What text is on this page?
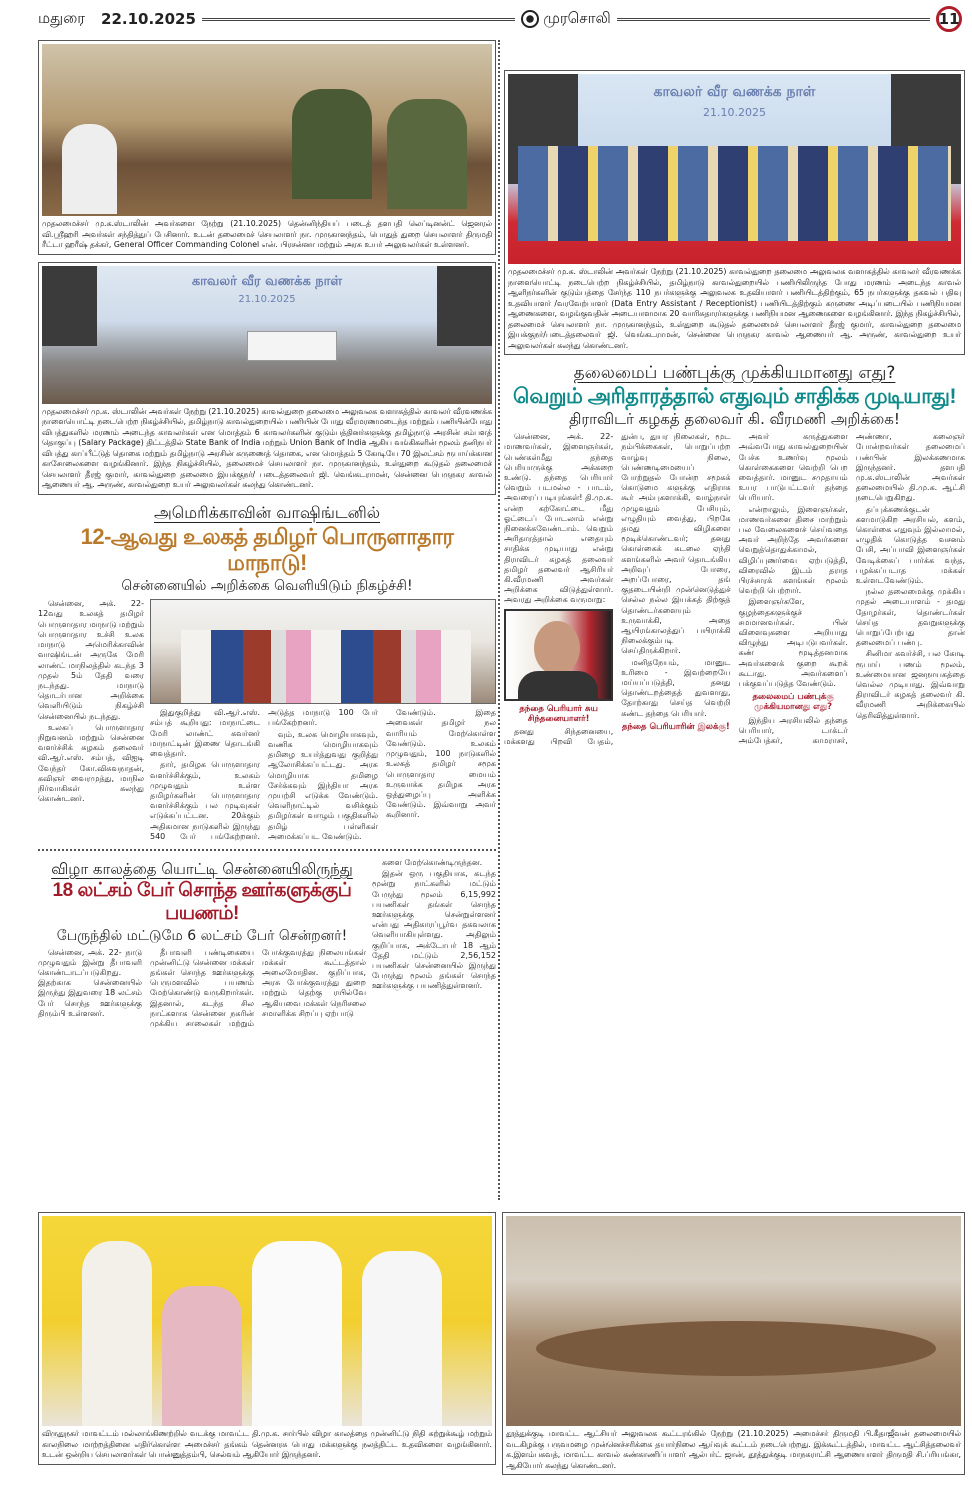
மதுரை 22.10.2025	முரசொலி	11
முதலமைச்சர் மு.க.ஸ்டாலின் அவர்களை நேற்று (21.10.2025) தென்னிந்தியப் படைத் தளபதி லெப்டினன்ட் ஜெனரல் வி.ஸ்ரீஹரி அவர்கள் சந்தித்துப் பேசினார். உடன் தலைமைச் செயலாளர் நா. முருகானந்தம், பொதுத் துறை செயலாளர் திருமதி ரீட்டா ஹரீஷ் தக்கர், General Officer Commanding Colonel என். பிரசன்னா மற்றும் அரசு உயர் அலுவலர்கள் உள்ளனர்.
காவலர் வீர வணக்க நாள்
21.10.2025
முதலமைச்சர் மு.க. ஸ்டாலின் அவர்கள் நேற்று (21.10.2025) காவல்துறை தலைமை அலுவலக வளாகத்தில் காவலர் வீரவணக்க நாளையொட்டி நடைபெற்ற நிகழ்ச்சியில், தமிழ்நாடு காவல்துறையில் பணியின் போது வீரமரணமடைந்த மற்றும் பணியின்போது விபத்துகளில் மரணம் அடைந்த காவலர்கள் என மொத்தம் 6 காவலர்களின் குடும்பத்தினர்களுக்கு தமிழ்நாடு அரசின் சம்பளத் தொகுப்பு (Salary Package) திட்டத்தில் State Bank of India மற்றும் Union Bank of India ஆகிய வங்கிகளின் மூலம் தனிநபர் விபத்து காப்பீட்டுத் தொகை மற்றும் தமிழ்நாடு அரசின் கருணைத் தொகை, என மொத்தம் 5 கோடியே 70 இலட்சம் ரூபாய்க்கான காசோலைகளை வழங்கினார். இந்த நிகழ்ச்சியில், தலைமைச் செயலாளர் நா. முருகானந்தம், உள்துறை கூடுதல் தலைமைச் செயலாளர் தீரஜ் குமார், காவல்துறை தலைமை இயக்குநர்/ படைத்தலைவர் ஜி. வெங்கடராமன், சென்னை பெருநகர காவல் ஆணையர் ஆ. அருண், காவல்துறை உயர் அலுவலர்கள் கலந்து கொண்டனர்.
அமெரிக்காவின் வாஷிங்டனில்
12-ஆவது உலகத் தமிழர் பொருளாதார மாநாடு!
சென்னையில் அறிக்கை வெளியிடும் நிகழ்ச்சி!

சென்னை, அக். 22- 12வது உலகத் தமிழர் பொருளாதார மாநாடு மற்றும் பொருளாதார உச்சி உலக மாநாடு அமெரிக்காவின் வாஷிங்டன் அருகே மேரி லாண்ட் மாநிலத்தில் கடந்த 3 முதல் 5ம் தேதி வரை நடந்தது. மாநாடு தொடர்பான அறிக்கை வெளியிடும் நிகழ்ச்சி சென்னையில் நடந்தது.

உலகப் பொருளாதார நிறுவனம் மற்றும் சென்னை வளர்ச்சிக் கழகம் தலைவர் வி.ஆர்.எஸ். சம்பத், விஐடி வேந்தர் கோ.விசுவநாதன், கவிஞர் வைரமுத்து, மாநில நிர்வாகிகள் கலந்து கொண்டனர்.

இதுகுறித்து வி.ஆர்.எஸ். சம்பத் கூறியது: மாநாட்டை மேரி லாண்ட் கவர்னர் மாநாட்டின் இணை தொடங்கி வைத்தார்.

தார், தமிழக பொருளாதார வளர்ச்சிக்கும், உலகம் முழுவதும் உள்ள தமிழர்களின் பொருளாதார வளர்ச்சிக்கும் பல முடிவுகள் எடுக்கப்பட்டன. 20க்கும் அதிகமான நாடுகளில் இருந்து 540 பேர் பங்கேற்றனர். அடுத்த மாநாடு 100 பேர் பங்கேற்றனர்.

வும், உலக மொழியாகவும், வணிக மொழியாகவும் தமிழை உயர்த்துவது குறித்து ஆலோசிக்கப்பட்டது. அரசு மொழியாக தமிழை சேர்க்கவும் இந்தியா அரசு முயற்சி எடுக்க வேண்டும். வெளிநாட்டில் வசிக்கும் தமிழர்கள் வாழும் பகுதிகளில் தமிழ் பள்ளிகள் அமைக்கப்பட வேண்டும்.

வேண்டும். இதை அவைகள் தமிழர் நல வாரியம் மேற்கொள்ள வேண்டும். உலகம் முழுவதும், 100 நாடுகளில் உலகத் தமிழர் சமூக பொருளாதார மையம் உருவாக்க தமிழக அரசு ஒத்துழைப்பு அளிக்க வேண்டும். இவ்வாறு அவர் கூறினார்.

விழா காலத்தை யொட்டி சென்னையிலிருந்து
18 லட்சம் பேர் சொந்த ஊர்களுக்குப் பயணம்!
பேருந்தில் மட்டுமே 6 லட்சம் பேர் சென்றனர்!

சென்னை, அக். 22- நாடு முழுவதும் இன்று தீபாவளி கொண்டாடப்படுகிறது. இதற்காக சென்னையில் இருந்து இதுவரை 18 லட்சம் பேர் சொந்த ஊர்களுக்கு திரும்பி உள்ளனர்.

தீபாவளி பண்டிகையை முன்னிட்டு சென்னை மக்கள் தங்கள் சொந்த ஊர்களுக்கு பெருமளவில் பயணம் மேற்கொண்டு வருகிறார்கள். இதனால், கடந்த சில நாட்களாக சென்னை நகரின் முக்கிய சாலைகள் மற்றும் போக்குவரத்து நிலையங்கள் மக்கள் கூட்டத்தால் அலைமோதின. குறிப்பாக, அரசு போக்குவரத்து துறை மற்றும் தெற்கு ரயில்வே ஆகியவை மக்கள் நெரிசலை சமாளிக்க சிறப்பு ஏற்பாடு

களை மேற்கொண்டிருந்தன.

இதன் ஒரு பகுதியாக, கடந்த மூன்று நாட்களில் மட்டும் பேருந்து மூலம் 6,15,992 பயணிகள் தங்கள் சொந்த ஊர்களுக்கு சென்றுள்ளனர் என்பது அதிகாரப்பூர்வ தகவலாக வெளியாகியுள்ளது. அதிலும் குறிப்பாக, அக்டோபர் 18 ஆம் தேதி மட்டும் 2,56,152 பயணிகள் சென்னையில் இருந்து பேருந்து மூலம் தங்கள் சொந்த ஊர்களுக்கு பயணித்துள்ளனர்.

காவலர் வீர வணக்க நாள்
21.10.2025
முதலமைச்சர் மு.க. ஸ்டாலின் அவர்கள் நேற்று (21.10.2025) காவல்துறை தலைமை அலுவலக வளாகத்தில் காவலர் வீரவணக்க நாளையொட்டி நடைபெற்ற நிகழ்ச்சியில், தமிழ்நாடு காவல்துறையில் பணியிலிருந்த போது மரணம் அடைந்த காவல் ஆளிநர்களின் குடும்பத்தை சேர்ந்த 110 நபர்களுக்கு அலுவலக உதவியாளர் பணியிடத்திற்கும், 65 நபர்களுக்கு தகவல் பதிவு உதவியாளர் /வரவேற்பாளர் (Data Entry Assistant / Receptionist) பணியிடத்திற்கும் கருணை அடிப்படையில் பணிநியமன ஆணைகளை, வழங்குவதின் அடையாளமாக 20 வாரிசுதாரர்களுக்கு பணிநியமன ஆணைகளை வழங்கினார். இந்த நிகழ்ச்சியில், தலைமைச் செயலாளர் நா. முருகானந்தம், உள்துறை கூடுதல் தலைமைச் செயலாளர் தீரஜ் குமார், காவல்துறை தலைமை இயக்குநர்/படைத்தலைவர் ஜி. வெங்கடராமன், சென்னை பெருநகர காவல் ஆணையர் ஆ. அருண், காவல்துறை உயர் அலுவலர்கள் கலந்து கொண்டனர்.
தலைமைப் பண்புக்கு முக்கியமானது எது?
வெறும் அரிதாரத்தால் எதுவும் சாதிக்க முடியாது!
திராவிடர் கழகத் தலைவர் கி. வீரமணி அறிக்கை!

சென்னை, அக். 22- மாணவர்கள், இளைஞர்கள், பெண்கள்மீது தந்தை பெரியாருக்கு அக்கறை உண்டு. தந்தை பெரியார் வெறும் படமல்ல - பாடம், அவரைப் படியுங்கள்! தி.மு.க. என்ற கற்கோட்டை மீது ஓட்டைப் போடலாம் என்று நினைக்கவேண்டாம். வெறும் அரிதாரத்தால் எதையும் சாதிக்க முடியாது என்று திராவிடர் கழகத் தலைவர் தமிழர் தலைவர் ஆசிரியர் கி.வீரமணி அவர்கள் அறிக்கை விடுத்துள்ளார். அவரது அறிக்கை வருமாறு:

தந்தை பெரியார் சுய சிந்தனையாளர்!

தனது சிந்தனையை, மக்களது பிறவி பேதம், துன்ப, துயர நிலைகள், மூட நம்பிக்கைகள், பொறுப்பற்ற வாழ்வு நிலை, பெண்ணடிமையைப் போற்றுதல் போன்ற சமூகக் கொடுமை களுக்கு எதிராக கூர் அம்புகளாக்கி, வாழ்நாள் முழுவதும் பேசியும், எழுதியும் வைத்து, பிறகே தமது விழிகளை மூடிக்கொண்டவர்; தனது கொள்கைக் கடலை ஏந்தி களங்களில் அவர் தொடங்கிய அறிவுப் போரை, அறப்போரை, தங் குதடையின்றி முன்னெடுத்துச் செல்ல நல்ல இயக்கத் திற்குத் தொண்டர்களையும் உருவாக்கி, அதை ஆயிரங்காலத்துப் பயிராக்கி நிலைக்கும்படி செய்திருக்கிறார்.

மனிதநேயம், மானுட உரிமை - இவற்றையே மய்யப்படுத்தி, தனது தொண்டறத்தைத் துவளாது, தோற்காது செய்த வெற்றி கண்ட தந்தை பெரியார்.

தந்தை பெரியாரின் இலக்கு!

அவர் கருத்துகளை அவ்வபோது காவல்துறையின் பேச்சு உணர்வு மூலம் கொள்கைகளை வெற்றி பெற வைத்தார். மானுட சமுதாயம் உயர பாடுபட்டவர் தந்தை பெரியார்.

என்றாலும், இளைஞர்கள், மாணவர்களை திசை மாற்றும் பல வேலைகளைச் செய்வதை அவர் அறிந்தே அவர்களை வெறுத்தொதுக்காமல், விழிப்புணர்வை ஏற்படுத்தி, விரைவில் இடம் தராத பிரச்சாரக் களங்கள் மூலம் வெற்றி பெற்றார்.

இளைஞர்களே, குழந்தைகளுக்குச் சமமானவர்கள். பின் விளைவுகளை அறியாது விழுந்து அடிபடுபவர்கள். கண் மூடித்தனமாக அவர்களைக் குறை கூறக் கூடாது. அவர்களைப் பக்குவப்படுத்த வேண்டும்.

தலைமைப் பண்புக்கு முக்கியமானது எது?

இந்திய அரசியலில் தந்தை பெரியார், டாக்டர் அம்பேத்கர், காமராசர், அண்ணா, கலைஞர் போன்றவர்கள் தலைமைப் பண்பின் இலக்கணமாக இருந்தனர். தளபதி மு.க.ஸ்டாலின் அவர்கள் தலைமையில் தி.மு.க. ஆட்சி நடைபெறுகிறது.

தப்புக்கணக்குடன் களமாடுகிற அரசியல், களம், கொள்கை எதுவும் இல்லாமல், எழுதிக் கொடுத்த வசனம் பேசி, அப்பாவி இளைஞர்கள் வேடிக்கைப் பார்க்க வந்த, பழக்கப்படாத மக்கள் உள்ளடவேண்டும்.

நல்ல தலைமைக்கு முக்கிய முதல் அடையாளம் - தமது தோழர்கள், தொண்டர்கள் செய்த தவறுகளுக்கு பொறுப்பேற்பது தான் தலைமைப் பண்பு.

சினிமா கவர்ச்சி, பல கோடி ரூபாய் பணம் மூலம், உண்மையான ஜனநாயகத்தை வெல்ல முடியாது. இவ்வாறு திராவிடர் கழகத் தலைவர் கி. வீரமணி அறிக்கையில் தெரிவித்துள்ளார்.

விருதுநகர் மாவட்டம் மல்லாங்கிணற்றில் வடக்கு மாவட்ட தி.மு.க. சார்பில் விழா காலத்தை முன்னிட்டு நிதி சுற்றுக்கூழ் மற்றும் காலநிலை மாற்றத்தினை எதிர்கொள்ள அமைச்சர் தங்கம் தென்னரசு பொது மக்களுக்கு நலத்திட்ட உதவிகளை வழங்கினார். உடன் ஒன்றிய செயலாளர்கள் பொன்னுத்தம்பி, செல்வம் ஆகியோர் இருந்தனர்.
தூத்துக்குடி மாவட்ட ஆட்சியர் அலுவலக கூட்டரங்கில் நேற்று (21.10.2025) அமைச்சர் திருமதி பி.கீதாஜீவன் தலைமையில் வடகிழக்கு பருவமழை முன்னெச்சரிக்கை தயார்நிலை ஆய்வுக் கூட்டம் நடைபெற்றது. இக்கூட்டத்தில், மாவட்ட ஆட்சித்தலைவர் க.இளம்பகவத், மாவட்ட காவல் கண்காணிப்பாளர் ஆல்பர்ட் ஜான், தூத்துக்குடி மாநகராட்சி ஆணையாளர் திருமதி சி.ப்ரியங்கா, ஆகியோர் கலந்து கொண்டனர்.
